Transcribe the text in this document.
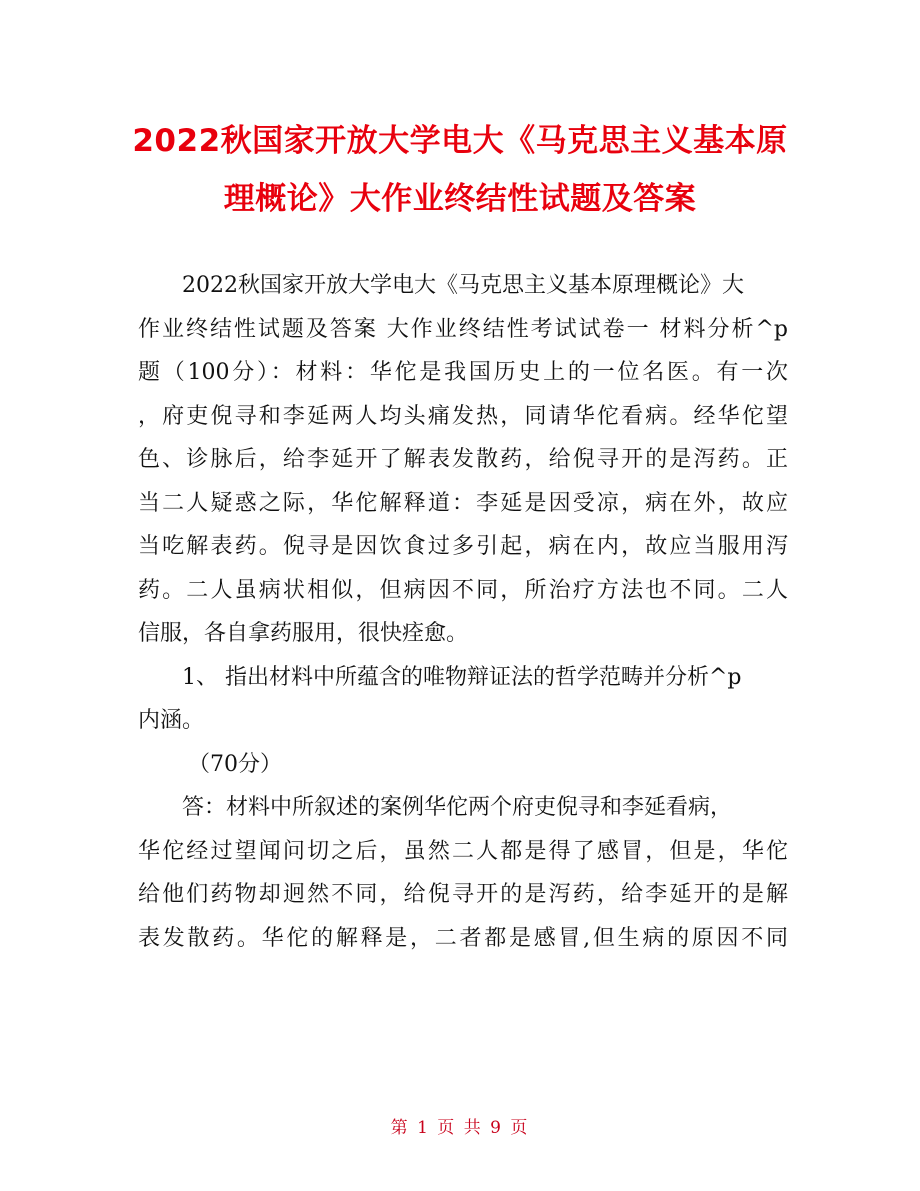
2022秋国家开放大学电大《马克思主义基本原
理概论》大作业终结性试题及答案
2022秋国家开放大学电大《马克思主义基本原理概论》大
作业终结性试题及答案 大作业终结性考试试卷一 材料分析^p
题（100分）：材料：华佗是我国历史上的一位名医。有一次
，府吏倪寻和李延两人均头痛发热，同请华佗看病。经华佗望
色、诊脉后，给李延开了解表发散药，给倪寻开的是泻药。正
当二人疑惑之际，华佗解释道：李延是因受凉，病在外，故应
当吃解表药。倪寻是因饮食过多引起，病在内，故应当服用泻
药。二人虽病状相似，但病因不同，所治疗方法也不同。二人
信服，各自拿药服用，很快痊愈。
1、 指出材料中所蕴含的唯物辩证法的哲学范畴并分析^p
内涵。
（70分）
答：材料中所叙述的案例华佗两个府吏倪寻和李延看病，
华佗经过望闻问切之后，虽然二人都是得了感冒，但是，华佗
给他们药物却迥然不同，给倪寻开的是泻药，给李延开的是解
表发散药。华佗的解释是，二者都是感冒,但生病的原因不同
第 1 页 共 9 页
